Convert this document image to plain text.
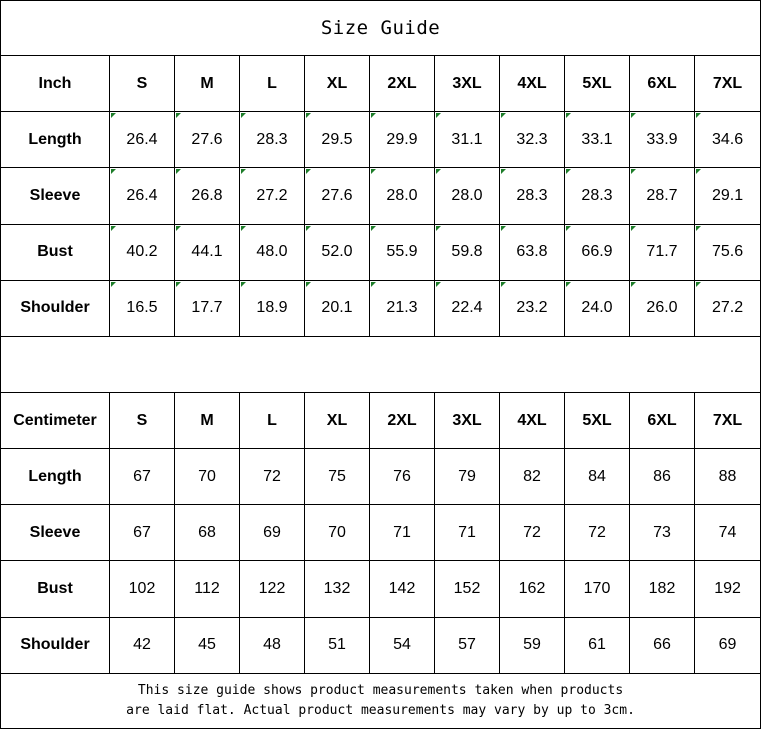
Size Guide										
Inch	S	M	L	XL	2XL	3XL	4XL	5XL	6XL	7XL
Length	26.4	27.6	28.3	29.5	29.9	31.1	32.3	33.1	33.9	34.6
Sleeve	26.4	26.8	27.2	27.6	28.0	28.0	28.3	28.3	28.7	29.1
Bust	40.2	44.1	48.0	52.0	55.9	59.8	63.8	66.9	71.7	75.6
Shoulder	16.5	17.7	18.9	20.1	21.3	22.4	23.2	24.0	26.0	27.2

Centimeter	S	M	L	XL	2XL	3XL	4XL	5XL	6XL	7XL
Length	67	70	72	75	76	79	82	84	86	88
Sleeve	67	68	69	70	71	71	72	72	73	74
Bust	102	112	122	132	142	152	162	170	182	192
Shoulder	42	45	48	51	54	57	59	61	66	69

This size guide shows product measurements taken when products
are laid flat. Actual product measurements may vary by up to 3cm.										
